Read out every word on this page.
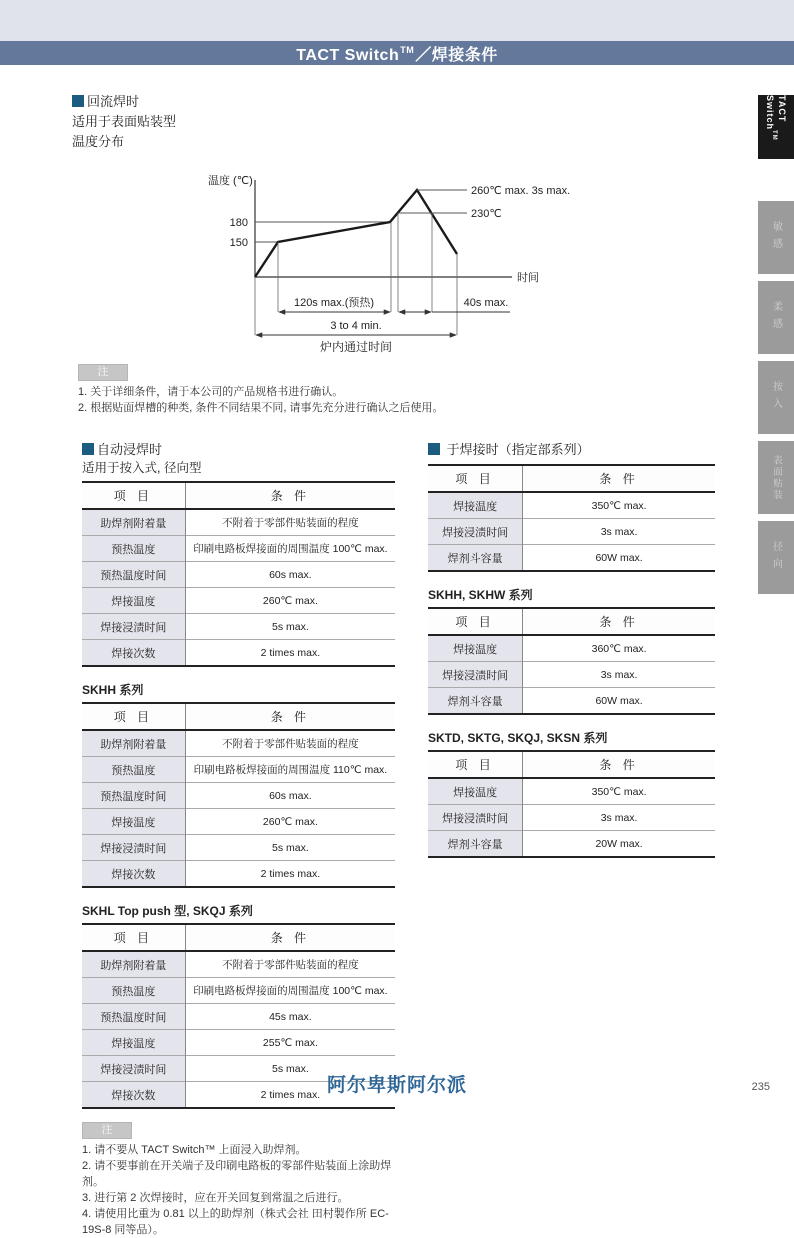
TACT Switch™／焊接条件
回流焊时
适用于表面贴装型
温度分布
温度 (℃)
180
150
260℃ max. 3s max.
230℃
时间
120s max.(预热)	40s max.
3 to 4 min.
炉内通过时间
注
1. 关于详细条件，请于本公司的产品规格书进行确认。
2. 根据贴面焊槽的种类, 条件不同结果不同, 请事先充分进行确认之后使用。
自动浸焊时
适用于按入式, 径向型
项 目	条 件
助焊剂附着量	不附着于零部件贴装面的程度
预热温度	印刷电路板焊接面的周围温度 100℃ max.
预热温度时间	60s max.
焊接温度	260℃ max.
焊接浸渍时间	5s max.
焊接次数	2 times max.
SKHH 系列
项 目	条 件
助焊剂附着量	不附着于零部件贴装面的程度
预热温度	印刷电路板焊接面的周围温度 110℃ max.
预热温度时间	60s max.
焊接温度	260℃ max.
焊接浸渍时间	5s max.
焊接次数	2 times max.
SKHL Top push 型, SKQJ 系列
项 目	条 件
助焊剂附着量	不附着于零部件贴装面的程度
预热温度	印刷电路板焊接面的周围温度 100℃ max.
预热温度时间	45s max.
焊接温度	255℃ max.
焊接浸渍时间	5s max.
焊接次数	2 times max.
注
1. 请不要从 TACT Switch™ 上面浸入助焊剂。
2. 请不要事前在开关端子及印刷电路板的零部件贴装面上涂助焊剂。
3. 进行第 2 次焊接时，应在开关回复到常温之后进行。
4. 请使用比重为 0.81 以上的助焊剂（株式会社 田村製作所 EC-19S-8 同等品）。
于焊接时（指定部系列）
项 目	条 件
焊接温度	350℃ max.
焊接浸渍时间	3s max.
焊剂斗容量	60W max.
SKHH, SKHW 系列
项 目	条 件
焊接温度	360℃ max.
焊接浸渍时间	3s max.
焊剂斗容量	60W max.
SKTD, SKTG, SKQJ, SKSN 系列
项 目	条 件
焊接温度	350℃ max.
焊接浸渍时间	3s max.
焊剂斗容量	20W max.
TACT Switch™
敏感
柔感
按入
表面贴装
径向
阿尔卑斯阿尔派	235
